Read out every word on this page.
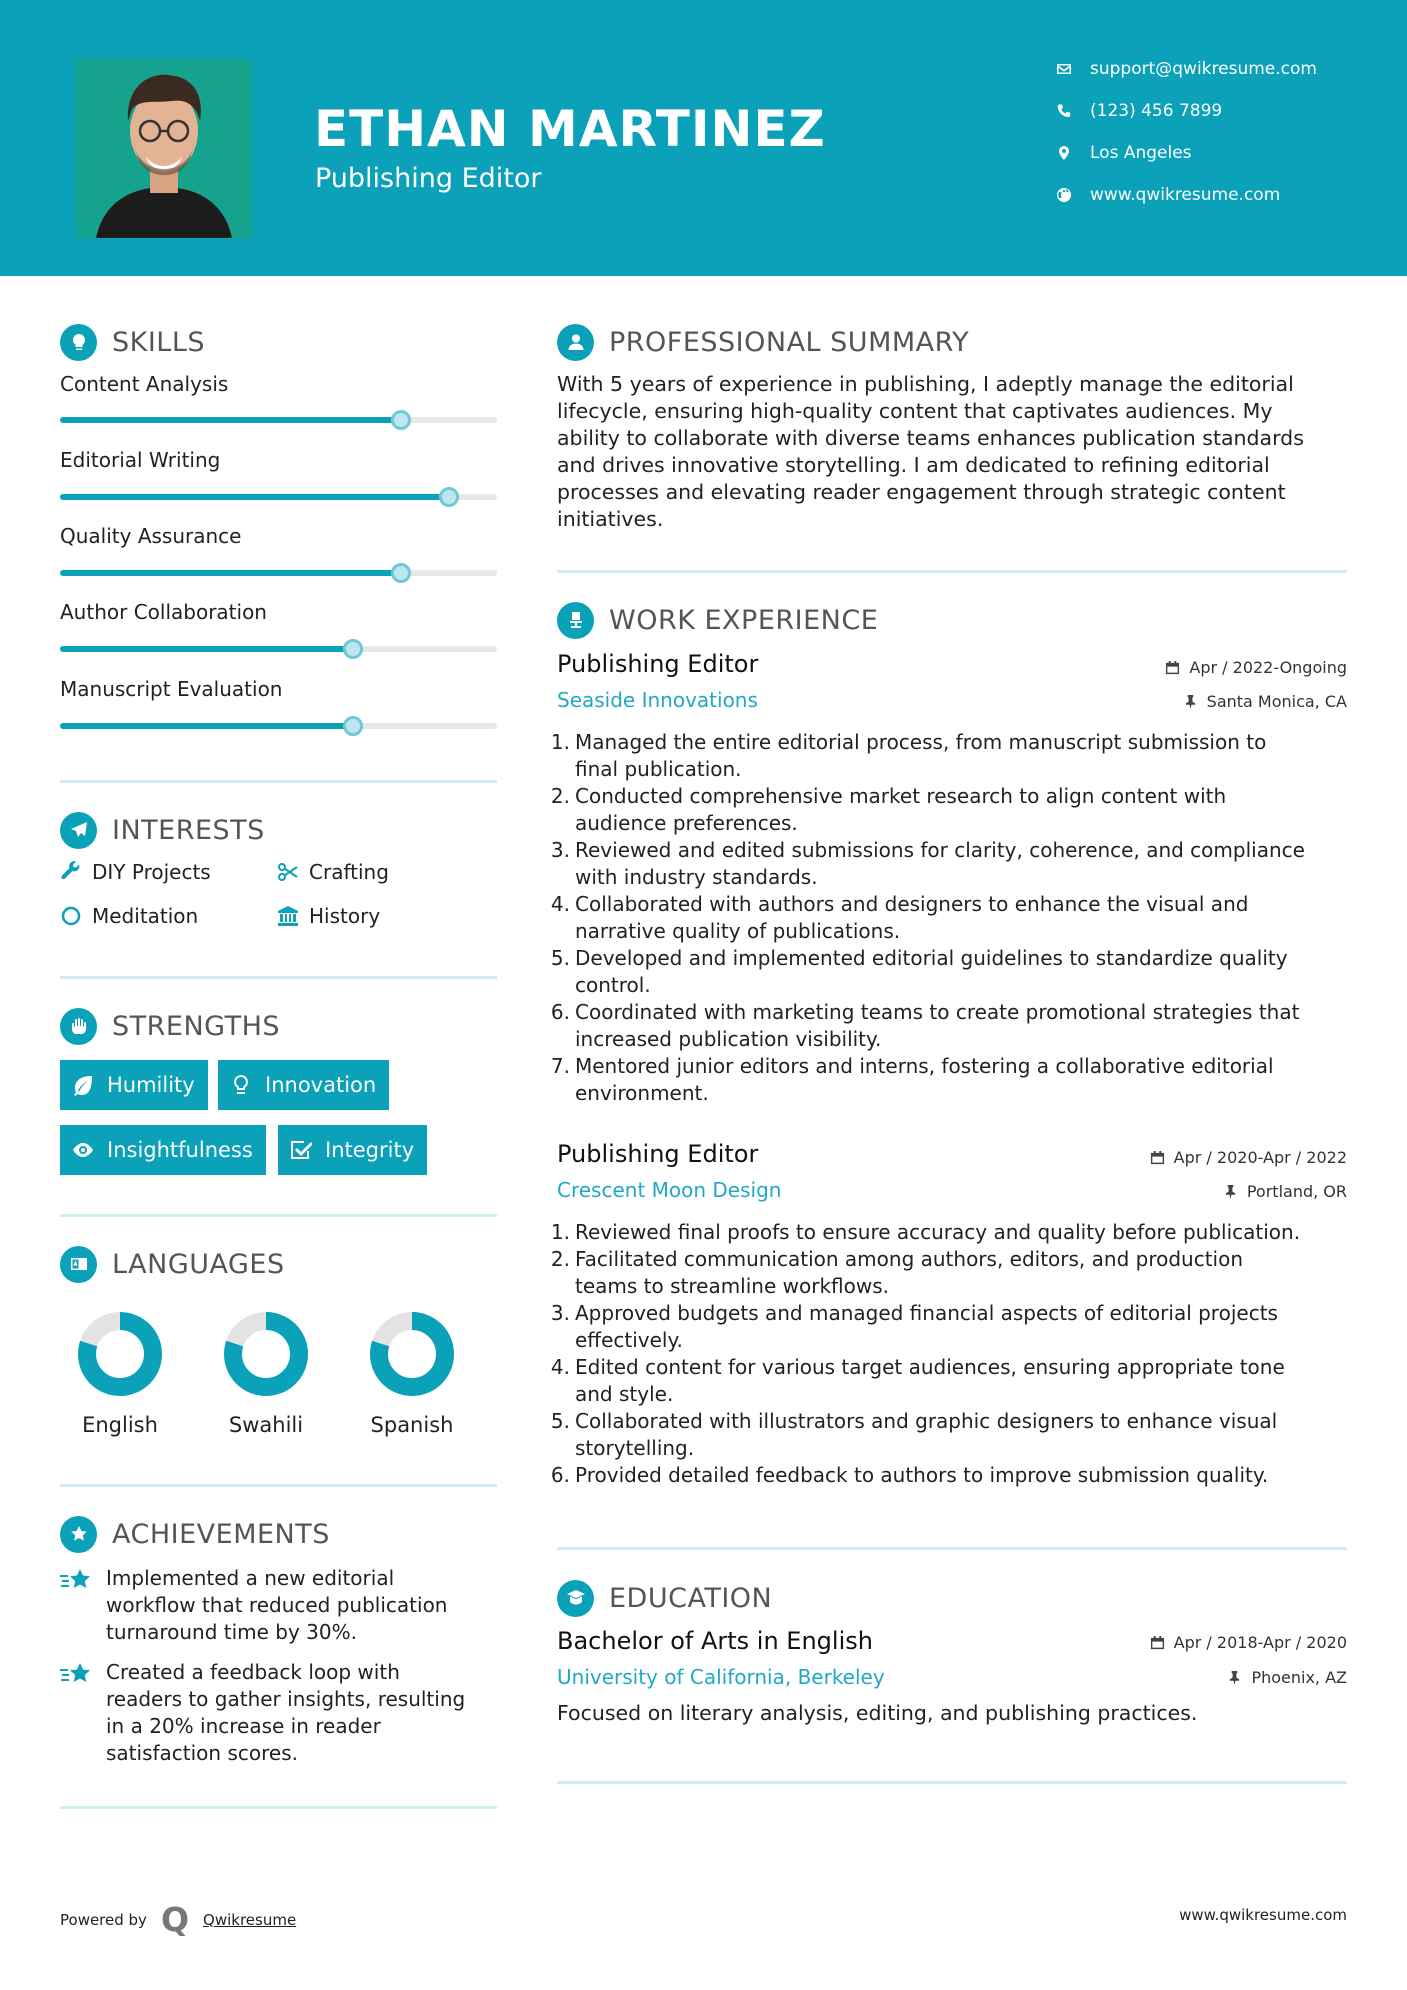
ETHAN MARTINEZ
Publishing Editor
support@qwikresume.com
(123) 456 7899
Los Angeles
www.qwikresume.com
SKILLS
Content Analysis
Editorial Writing
Quality Assurance
Author Collaboration
Manuscript Evaluation
INTERESTS
DIY Projects	Crafting
Meditation	History
STRENGTHS
Humility	Innovation
Insightfulness	Integrity
LANGUAGES
English	Swahili	Spanish
ACHIEVEMENTS
Implemented a new editorial
workflow that reduced publication
turnaround time by 30%.
Created a feedback loop with
readers to gather insights, resulting
in a 20% increase in reader
satisfaction scores.
PROFESSIONAL SUMMARY
With 5 years of experience in publishing, I adeptly manage the editorial
lifecycle, ensuring high-quality content that captivates audiences. My
ability to collaborate with diverse teams enhances publication standards
and drives innovative storytelling. I am dedicated to refining editorial
processes and elevating reader engagement through strategic content
initiatives.
WORK EXPERIENCE
Publishing Editor	Apr / 2022-Ongoing
Seaside Innovations	Santa Monica, CA
1. Managed the entire editorial process, from manuscript submission to
final publication.
2. Conducted comprehensive market research to align content with
audience preferences.
3. Reviewed and edited submissions for clarity, coherence, and compliance
with industry standards.
4. Collaborated with authors and designers to enhance the visual and
narrative quality of publications.
5. Developed and implemented editorial guidelines to standardize quality
control.
6. Coordinated with marketing teams to create promotional strategies that
increased publication visibility.
7. Mentored junior editors and interns, fostering a collaborative editorial
environment.
Publishing Editor	Apr / 2020-Apr / 2022
Crescent Moon Design	Portland, OR
1. Reviewed final proofs to ensure accuracy and quality before publication.
2. Facilitated communication among authors, editors, and production
teams to streamline workflows.
3. Approved budgets and managed financial aspects of editorial projects
effectively.
4. Edited content for various target audiences, ensuring appropriate tone
and style.
5. Collaborated with illustrators and graphic designers to enhance visual
storytelling.
6. Provided detailed feedback to authors to improve submission quality.
EDUCATION
Bachelor of Arts in English	Apr / 2018-Apr / 2020
University of California, Berkeley	Phoenix, AZ
Focused on literary analysis, editing, and publishing practices.
Powered by Q Qwikresume	www.qwikresume.com
